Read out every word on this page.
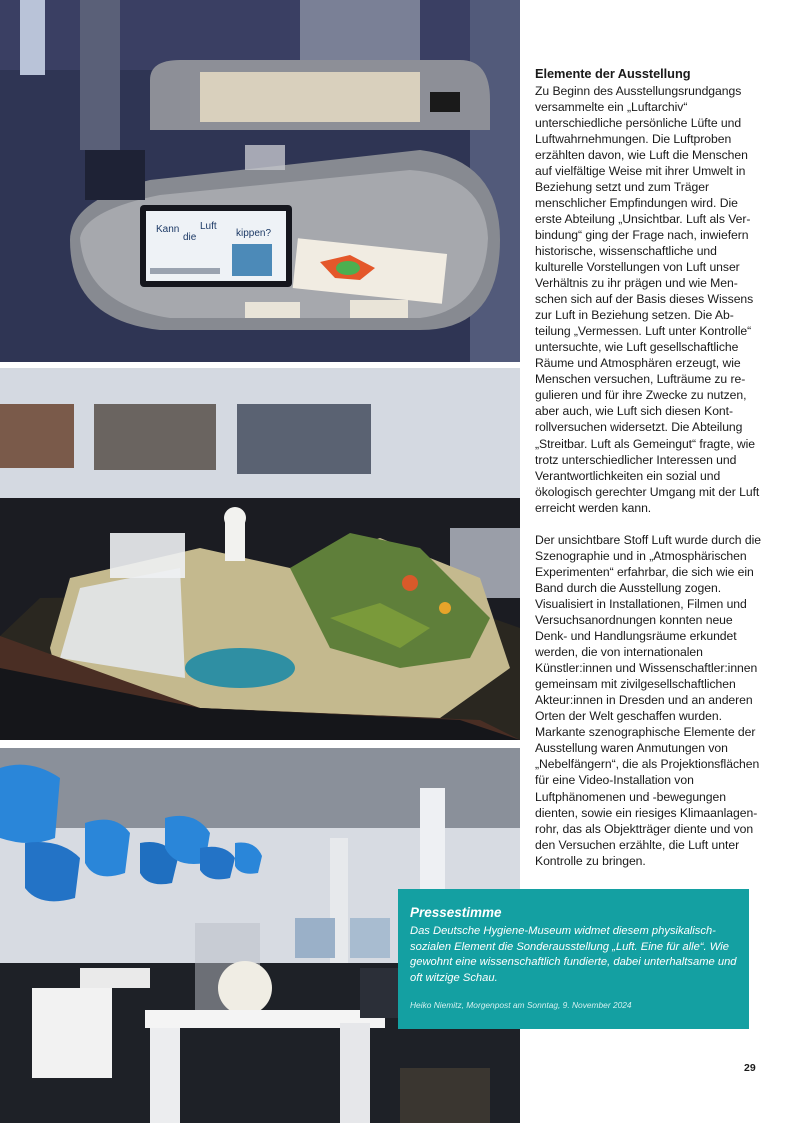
Kann
die
Luft
kippen?
Elemente der Ausstellung

Zu Beginn des Ausstellungsrundgangs versammelte ein „Luftarchiv“ unterschiedliche persönliche Lüfte und Luftwahrnehmungen. Die Luftproben erzählten davon, wie Luft die Menschen auf vielfältige Weise mit ihrer Umwelt in Beziehung setzt und zum Träger menschlicher Empfindungen wird. Die erste Abteilung „Unsichtbar. Luft als Verbindung“ ging der Frage nach, inwiefern historische, wissenschaftliche und kulturelle Vorstellungen von Luft unser Verhältnis zu ihr prägen und wie Menschen sich auf der Basis dieses Wissens zur Luft in Beziehung setzen. Die Abteilung „Vermessen. Luft unter Kontrolle“ untersuchte, wie Luft gesellschaftliche Räume und Atmosphären erzeugt, wie Menschen versuchen, Lufträume zu regulieren und für ihre Zwecke zu nutzen, aber auch, wie Luft sich diesen Kontrollversuchen widersetzt. Die Abteilung „Streitbar. Luft als Gemeingut“ fragte, wie trotz unterschiedlicher Interessen und Verantwortlichkeiten ein sozial und ökologisch gerechter Umgang mit der Luft erreicht werden kann.

Der unsichtbare Stoff Luft wurde durch die Szenographie und in „Atmosphärischen Experimenten“ erfahrbar, die sich wie ein Band durch die Ausstellung zogen. Visualisiert in Installationen, Filmen und Versuchsanordnungen konnten neue Denk- und Handlungsräume erkundet werden, die von internationalen Künstler:innen und Wissenschaftler:innen gemeinsam mit zivilgesellschaftlichen Akteur:innen in Dresden und an anderen Orten der Welt geschaffen wurden. Markante szenographische Elemente der Ausstellung waren Anmutungen von „Nebelfängern“, die als Projektionsflächen für eine Video-Installation von Luftphänomenen und -bewegungen dienten, sowie ein riesiges Klimaanlagenrohr, das als Objektträger diente und von den Versuchen erzählte, die Luft unter Kontrolle zu bringen.

Pressestimme

Das Deutsche Hygiene-Museum widmet diesem physikalisch-sozialen Element die Sonderausstellung „Luft. Eine für alle“. Wie gewohnt eine wissenschaftlich fundierte, dabei unterhaltsame und oft witzige Schau.

Heiko Niemitz, Morgenpost am Sonntag, 9. November 2024

29
